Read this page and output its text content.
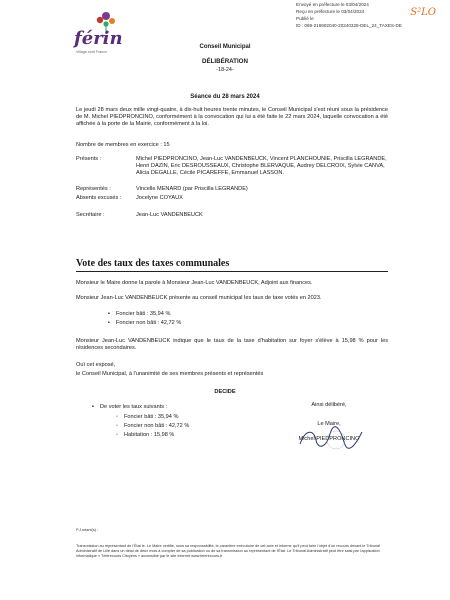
Envoyé en préfecture le 03/04/2024
Reçu en préfecture le 03/04/2024
Publié le
ID : 069-216902040-20240328-DEL_24_TAXES-DE
S²LO
férin
Village nord France
Conseil Municipal
DÉLIBÉRATION
-18-24-
Séance du 28 mars 2024
Le jeudi 28 mars deux mille vingt-quatre, à dix-huit heures trente minutes, le Conseil Municipal s'est réuni sous la présidence de M. Michel PIEDPRONCINO, conformément à la convocation qui lui a été faite le 22 mars 2024, laquelle convocation a été affichée à la porte de la Mairie, conformément à la loi.
Nombre de membres en exercice : 15
Présents :	Michel PIEDPRONCINO, Jean-Luc VANDENBEUCK, Vincent PLANCHOUNIE, Priscilla LEGRANDE, Henri DAZIN, Eric DESROUSSEAUX, Christophe BLERVAQUE, Audrey DELCROIX, Sylvie CANVA, Alicia DEGALLE, Cécile PICAREFFE, Emmanuel LASSON.
Représentés :	Vincelle MENARD (par Priscilla LEGRANDE)
Absents excusés :	Jocelyne COYAUX
Secrétaire :	Jean-Luc VANDENBEUCK
Vote des taux des taxes communales
Monsieur le Maire donne la parole à Monsieur Jean-Luc VANDENBEUCK, Adjoint aux finances.
Monsieur Jean-Luc VANDENBEUCK présente au conseil municipal les taux de taxe votés en 2023.
▪ Foncier bâti : 35,94 %
▪ Foncier non bâti : 42,72 %
Monsieur Jean-Luc VANDENBEUCK indique que le taux de la taxe d'habitation sur foyer s'élève à 15,98 % pour les résidences secondaires.
Ouï cet exposé,
le Conseil Municipal, à l'unanimité de ses membres présents et représentés
DECIDE
▪ De voter les taux suivants :
◦ Foncier bâti : 35,94 %
◦ Foncier non bâti : 42,72 %
◦ Habitation : 15,98 %
Ainsi délibéré,
Le Maire,
Michel PIEDPRONCINO
P.J.néant(s) :
Transmission au représentant de l'État le. Le Maire certifie, sous sa responsabilité, le caractère exécutoire de cet acte et informe qu'il peut faire l'objet d'un recours devant le Tribunal Administratif de Lille dans un délai de deux mois à compter de sa publication ou de sa transmission au représentant de l'État. Le Tribunal Administratif peut être saisi par l'application informatique « Télérecours Citoyens » accessible par le site internet www.telerecours.fr
